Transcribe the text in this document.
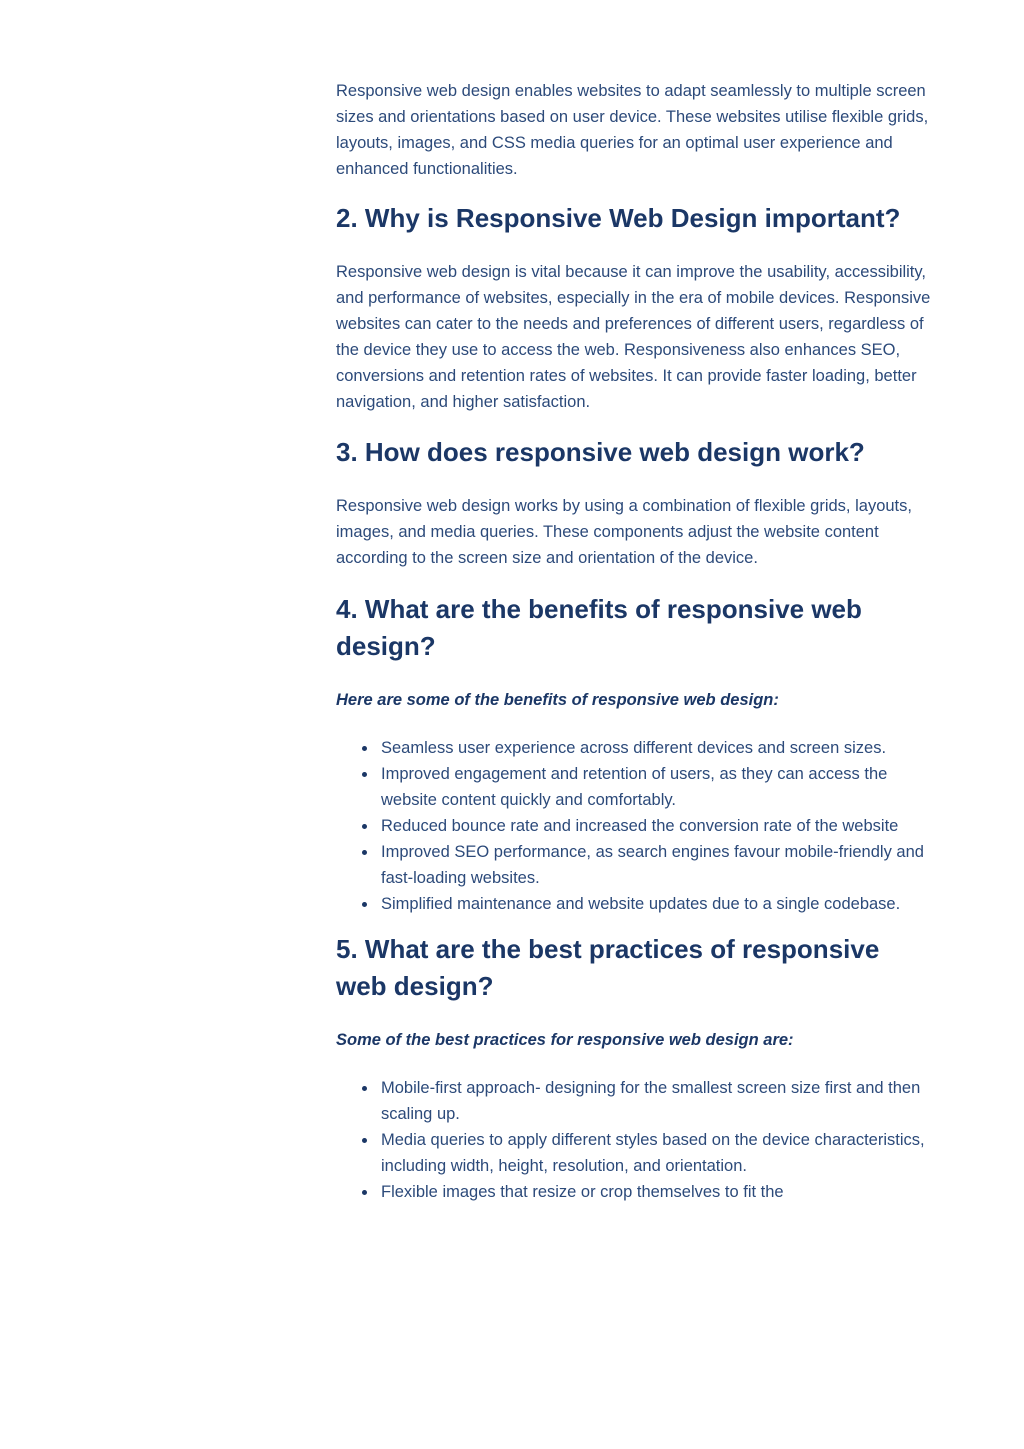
Responsive web design enables websites to adapt seamlessly to multiple screen sizes and orientations based on user device. These websites utilise flexible grids, layouts, images, and CSS media queries for an optimal user experience and enhanced functionalities.

2. Why is Responsive Web Design important?

Responsive web design is vital because it can improve the usability, accessibility, and performance of websites, especially in the era of mobile devices. Responsive websites can cater to the needs and preferences of different users, regardless of the device they use to access the web. Responsiveness also enhances SEO, conversions and retention rates of websites. It can provide faster loading, better navigation, and higher satisfaction.

3. How does responsive web design work?

Responsive web design works by using a combination of flexible grids, layouts, images, and media queries. These components adjust the website content according to the screen size and orientation of the device.

4. What are the benefits of responsive web design?

Here are some of the benefits of responsive web design:

Seamless user experience across different devices and screen sizes.
Improved engagement and retention of users, as they can access the website content quickly and comfortably.
Reduced bounce rate and increased the conversion rate of the website
Improved SEO performance, as search engines favour mobile-friendly and fast-loading websites.
Simplified maintenance and website updates due to a single codebase.
5. What are the best practices of responsive web design?

Some of the best practices for responsive web design are:

Mobile-first approach- designing for the smallest screen size first and then scaling up.
Media queries to apply different styles based on the device characteristics, including width, height, resolution, and orientation.
Flexible images that resize or crop themselves to fit the
